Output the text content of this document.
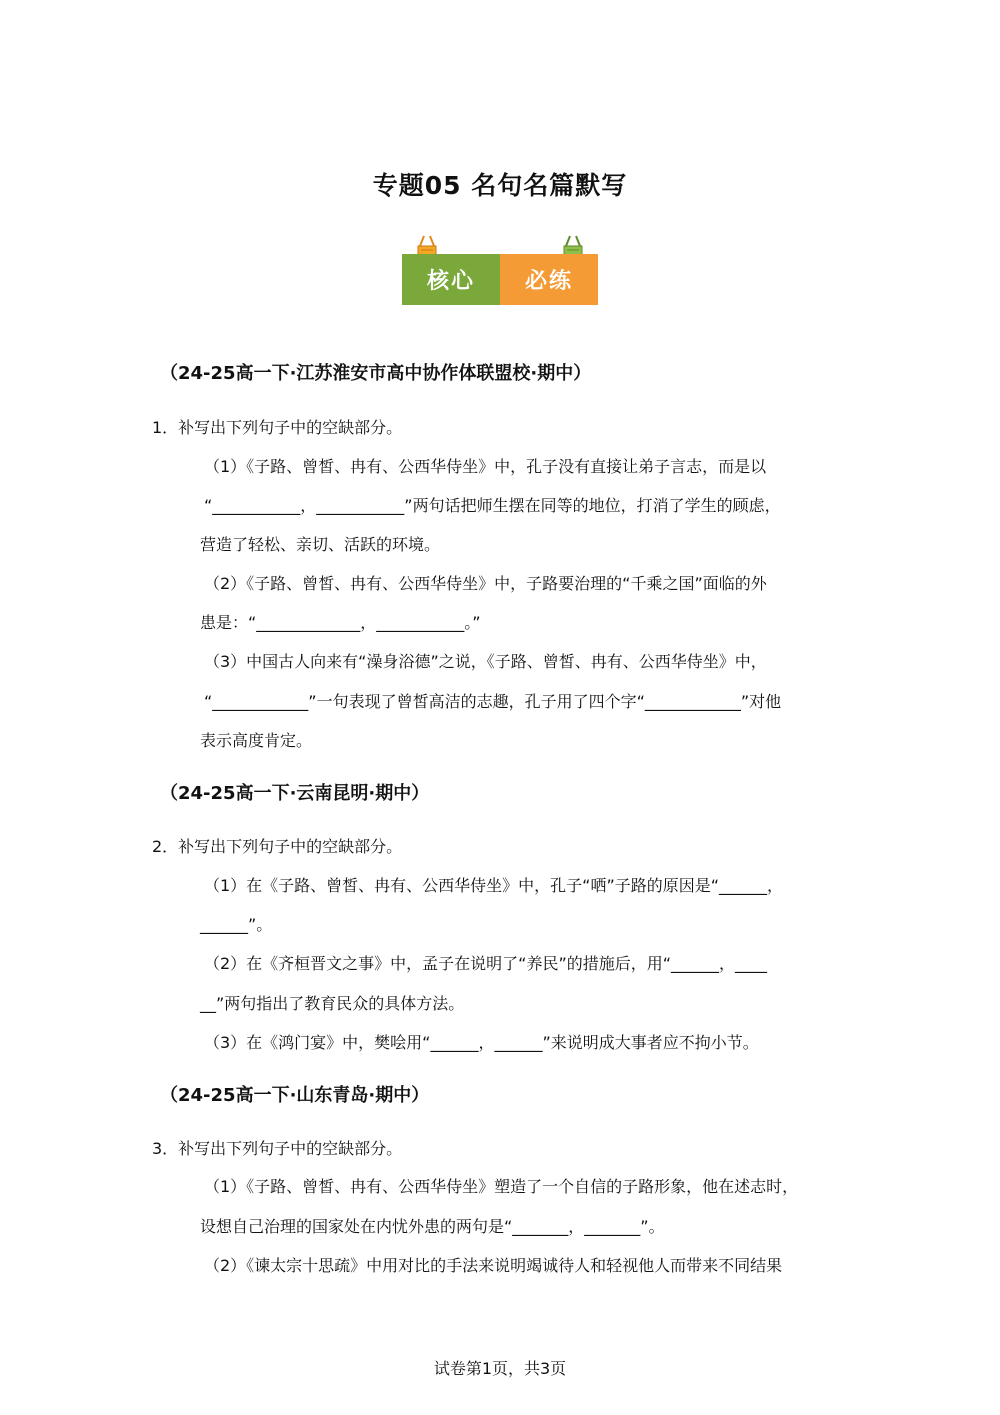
专题05 名句名篇默写
核心	必练
（24-25高一下·江苏淮安市高中协作体联盟校·期中）
1．补写出下列句子中的空缺部分。
（1）《子路、曾皙、冉有、公西华侍坐》中，孔子没有直接让弟子言志，而是以
“___________，___________”两句话把师生摆在同等的地位，打消了学生的顾虑，
营造了轻松、亲切、活跃的环境。
（2）《子路、曾皙、冉有、公西华侍坐》中，子路要治理的“千乘之国”面临的外
患是：“_____________，___________。”
（3）中国古人向来有“澡身浴德”之说，《子路、曾皙、冉有、公西华侍坐》中，
“____________”一句表现了曾皙高洁的志趣，孔子用了四个字“____________”对他
表示高度肯定。
（24-25高一下·云南昆明·期中）
2．补写出下列句子中的空缺部分。
（1）在《子路、曾皙、冉有、公西华侍坐》中，孔子“哂”子路的原因是“______，
______”。
（2）在《齐桓晋文之事》中，孟子在说明了“养民”的措施后，用“______，____
__”两句指出了教育民众的具体方法。
（3）在《鸿门宴》中，樊哙用“______，______”来说明成大事者应不拘小节。
（24-25高一下·山东青岛·期中）
3．补写出下列句子中的空缺部分。
（1）《子路、曾皙、冉有、公西华侍坐》塑造了一个自信的子路形象，他在述志时，
设想自己治理的国家处在内忧外患的两句是“_______，_______”。
（2）《谏太宗十思疏》中用对比的手法来说明竭诚待人和轻视他人而带来不同结果
试卷第1页，共3页
